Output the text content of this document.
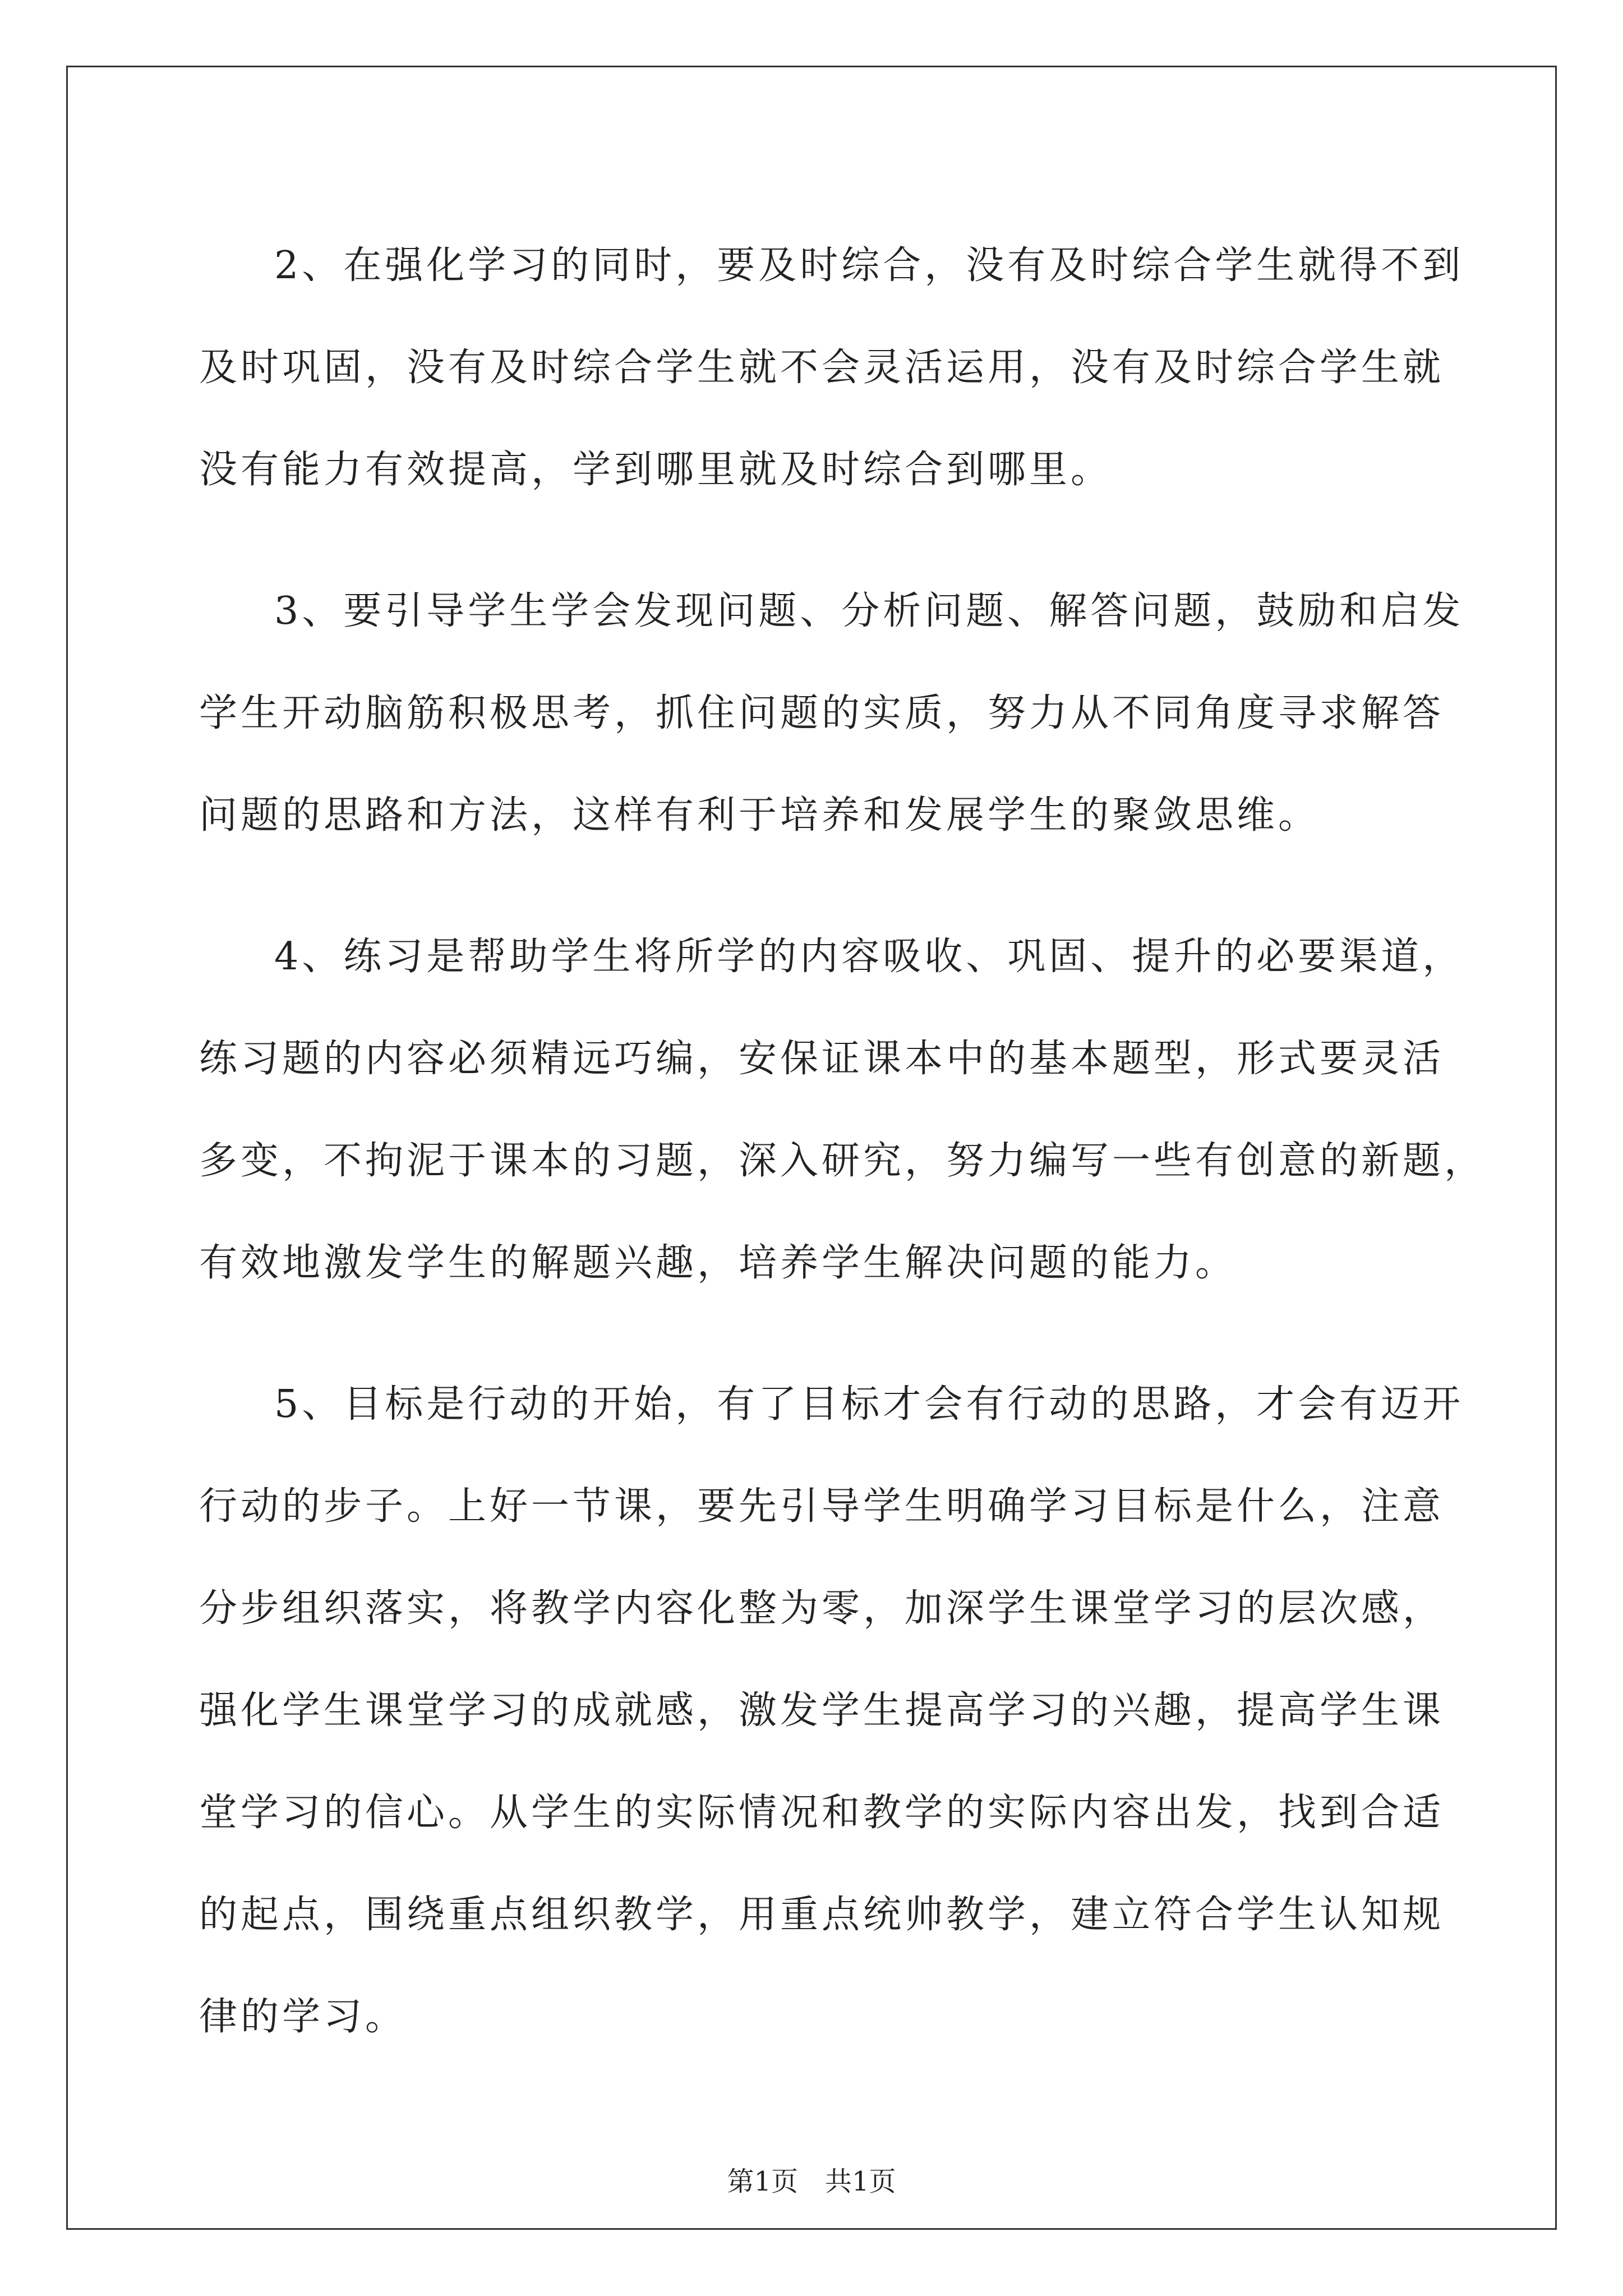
2、在强化学习的同时，要及时综合，没有及时综合学生就得不到
及时巩固，没有及时综合学生就不会灵活运用，没有及时综合学生就
没有能力有效提高，学到哪里就及时综合到哪里。
3、要引导学生学会发现问题、分析问题、解答问题，鼓励和启发
学生开动脑筋积极思考，抓住问题的实质，努力从不同角度寻求解答
问题的思路和方法，这样有利于培养和发展学生的聚敛思维。
4、练习是帮助学生将所学的内容吸收、巩固、提升的必要渠道，
练习题的内容必须精远巧编，安保证课本中的基本题型，形式要灵活
多变，不拘泥于课本的习题，深入研究，努力编写一些有创意的新题，
有效地激发学生的解题兴趣，培养学生解决问题的能力。
5、目标是行动的开始，有了目标才会有行动的思路，才会有迈开
行动的步子。上好一节课，要先引导学生明确学习目标是什么，注意
分步组织落实，将教学内容化整为零，加深学生课堂学习的层次感，
强化学生课堂学习的成就感，激发学生提高学习的兴趣，提高学生课
堂学习的信心。从学生的实际情况和教学的实际内容出发，找到合适
的起点，围绕重点组织教学，用重点统帅教学，建立符合学生认知规
律的学习。
第1页　共1页
